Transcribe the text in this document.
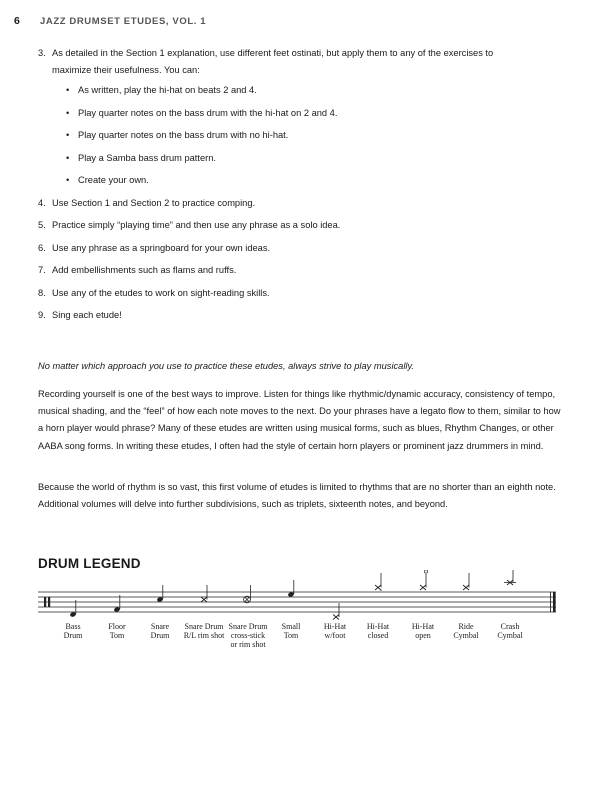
6	JAZZ DRUMSET ETUDES, VOL. 1
3. As detailed in the Section 1 explanation, use different feet ostinati, but apply them to any of the exercises to
maximize their usefulness. You can:
• As written, play the hi-hat on beats 2 and 4.
• Play quarter notes on the bass drum with the hi-hat on 2 and 4.
• Play quarter notes on the bass drum with no hi-hat.
• Play a Samba bass drum pattern.
• Create your own.
4. Use Section 1 and Section 2 to practice comping.
5. Practice simply “playing time” and then use any phrase as a solo idea.
6. Use any phrase as a springboard for your own ideas.
7. Add embellishments such as flams and ruffs.
8. Use any of the etudes to work on sight-reading skills.
9. Sing each etude!
No matter which approach you use to practice these etudes, always strive to play musically.
Recording yourself is one of the best ways to improve. Listen for things like rhythmic/dynamic accuracy, consistency of tempo, musical shading, and the “feel” of how each note moves to the next. Do your phrases have a legato flow to them, similar to how a horn player would phrase? Many of these etudes are written using musical forms, such as blues, Rhythm Changes, or other AABA song forms. In writing these etudes, I often had the style of certain horn players or prominent jazz drummers in mind.
Because the world of rhythm is so vast, this first volume of etudes is limited to rhythms that are no shorter than an eighth note. Additional volumes will delve into further subdivisions, such as triplets, sixteenth notes, and beyond.
DRUM LEGEND
Bass
Drum
Floor
Tom
Snare
Drum
Snare Drum
R/L rim shot
Snare Drum
cross-stick
or rim shot
Small
Tom
Hi-Hat
w/foot
Hi-Hat
closed
Hi-Hat
open
Ride
Cymbal
Crash
Cymbal
